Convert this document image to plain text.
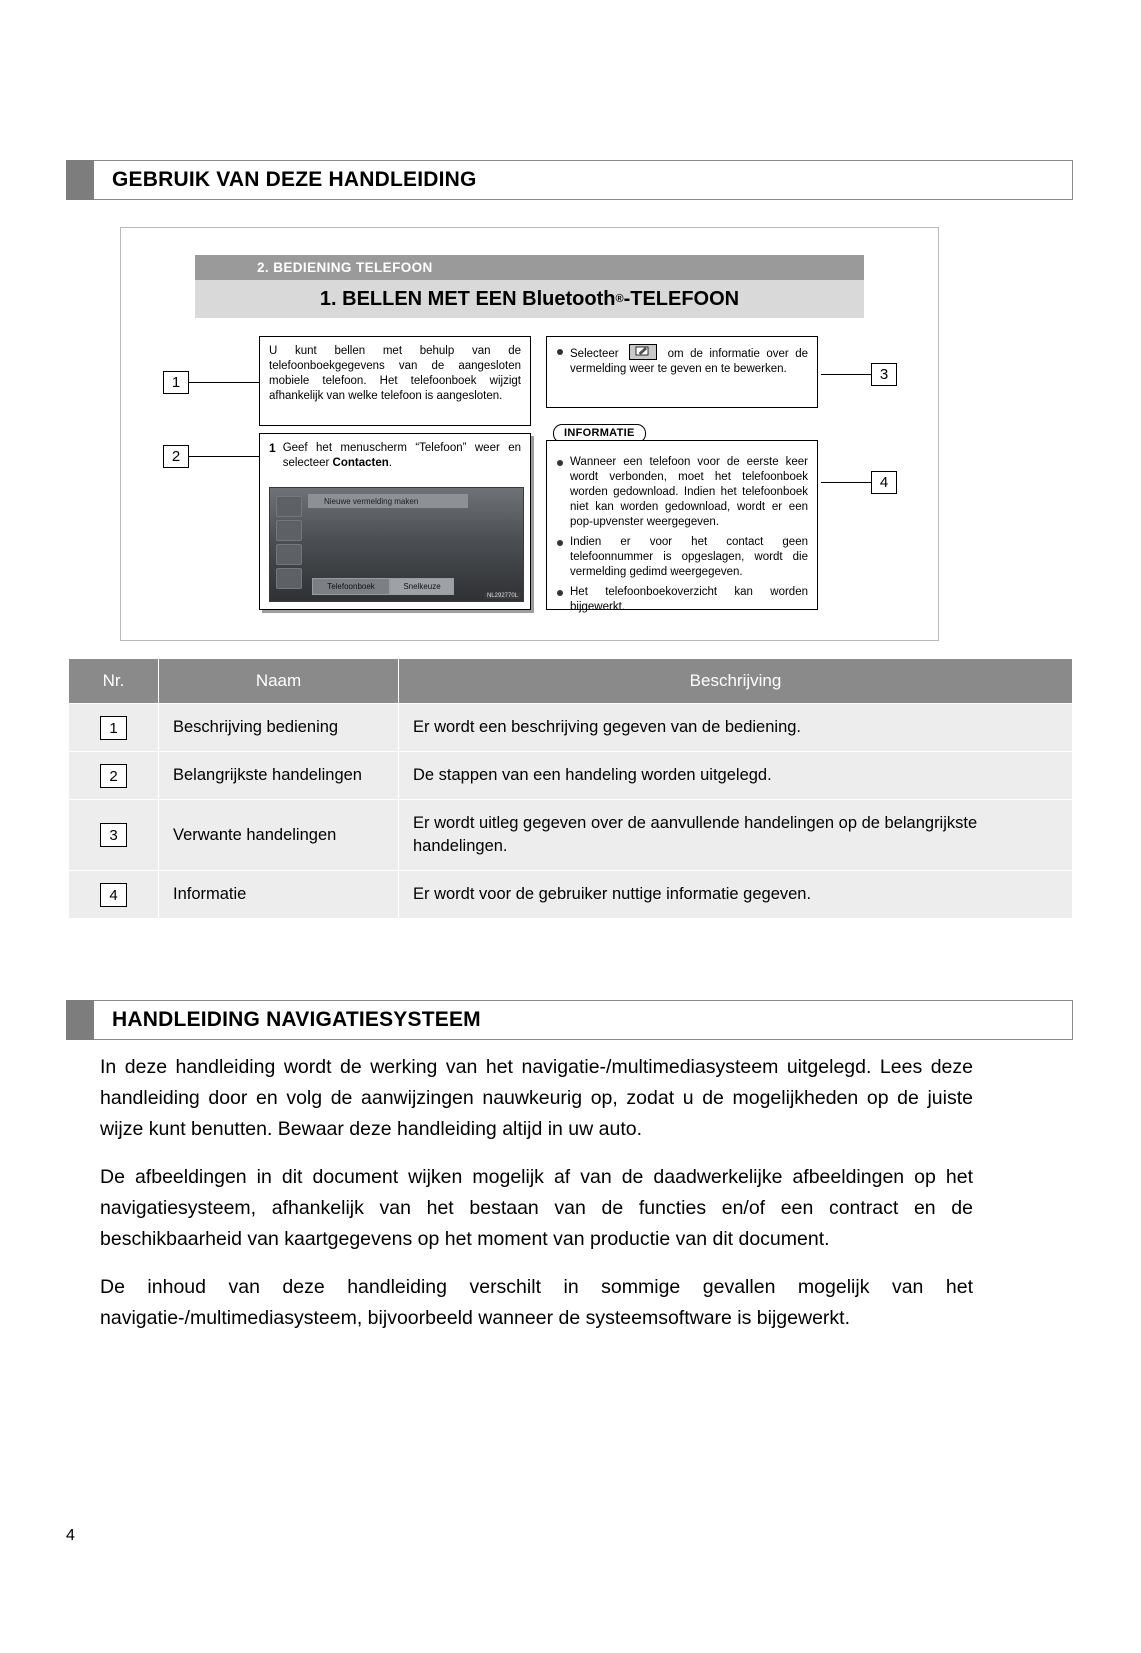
GEBRUIK VAN DEZE HANDLEIDING
2. BEDIENING TELEFOON
1. BELLEN MET EEN Bluetooth ® -TELEFOON
1
2
3
4

U kunt bellen met behulp van de telefoonboekgegevens van de aangesloten mobiele telefoon. Het telefoonboek wijzigt afhankelijk van welke telefoon is aangesloten.

1 Geef het menuscherm “Telefoon” weer en selecteer Contacten.

Nieuwe vermelding maken
Telefoonboek	Snelkeuze
NL292770L
Selecteer	om de informatie over de vermelding weer te geven en te bewerken.
INFORMATIE
Wanneer een telefoon voor de eerste keer wordt verbonden, moet het telefoonboek worden gedownload. Indien het telefoonboek niet kan worden gedownload, wordt er een pop-upvenster weergegeven.
Indien er voor het contact geen telefoonnummer is opgeslagen, wordt die vermelding gedimd weergegeven.
Het telefoonboekoverzicht kan worden bijgewerkt.
Nr.	Naam	Beschrijving
1	Beschrijving bediening	Er wordt een beschrijving gegeven van de bediening.
2	Belangrijkste handelingen	De stappen van een handeling worden uitgelegd.
3	Verwante handelingen	Er wordt uitleg gegeven over de aanvullende handelingen op de belangrijkste handelingen.
4	Informatie	Er wordt voor de gebruiker nuttige informatie gegeven.
HANDLEIDING NAVIGATIESYSTEEM

In deze handleiding wordt de werking van het navigatie-/multimediasysteem uitgelegd. Lees deze handleiding door en volg de aanwijzingen nauwkeurig op, zodat u de mogelijkheden op de juiste wijze kunt benutten. Bewaar deze handleiding altijd in uw auto.

De afbeeldingen in dit document wijken mogelijk af van de daadwerkelijke afbeeldingen op het navigatiesysteem, afhankelijk van het bestaan van de functies en/of een contract en de beschikbaarheid van kaartgegevens op het moment van productie van dit document.

De inhoud van deze handleiding verschilt in sommige gevallen mogelijk van het navigatie-/multimediasysteem, bijvoorbeeld wanneer de systeemsoftware is bijgewerkt.

4
